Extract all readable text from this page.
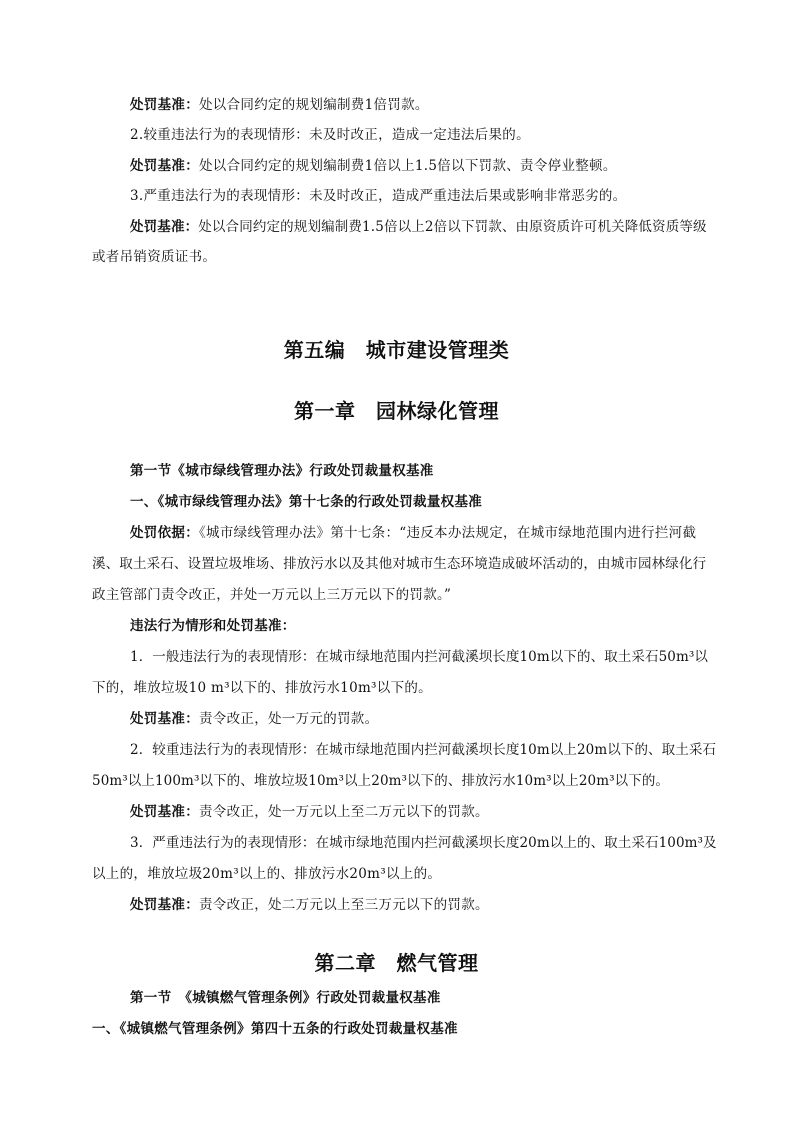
处罚基准：处以合同约定的规划编制费1倍罚款。
2.较重违法行为的表现情形：未及时改正，造成一定违法后果的。
处罚基准：处以合同约定的规划编制费1倍以上1.5倍以下罚款、责令停业整顿。
3.严重违法行为的表现情形：未及时改正，造成严重违法后果或影响非常恶劣的。
处罚基准：处以合同约定的规划编制费1.5倍以上2倍以下罚款、由原资质许可机关降低资质等级
或者吊销资质证书。
第五编　城市建设管理类
第一章　园林绿化管理
第一节《城市绿线管理办法》行政处罚裁量权基准
一、《城市绿线管理办法》第十七条的行政处罚裁量权基准
处罚依据：《城市绿线管理办法》第十七条：“违反本办法规定，在城市绿地范围内进行拦河截
溪、取土采石、设置垃圾堆场、排放污水以及其他对城市生态环境造成破坏活动的，由城市园林绿化行
政主管部门责令改正，并处一万元以上三万元以下的罚款。”
违法行为情形和处罚基准：
1．一般违法行为的表现情形：在城市绿地范围内拦河截溪坝长度10m以下的、取土采石50m³以
下的，堆放垃圾10 m³以下的、排放污水10m³以下的。
处罚基准：责令改正，处一万元的罚款。
2．较重违法行为的表现情形：在城市绿地范围内拦河截溪坝长度10m以上20m以下的、取土采石
50m³以上100m³以下的、堆放垃圾10m³以上20m³以下的、排放污水10m³以上20m³以下的。
处罚基准：责令改正，处一万元以上至二万元以下的罚款。
3．严重违法行为的表现情形：在城市绿地范围内拦河截溪坝长度20m以上的、取土采石100m³及
以上的，堆放垃圾20m³以上的、排放污水20m³以上的。
处罚基准：责令改正，处二万元以上至三万元以下的罚款。
第二章　燃气管理
第一节　《城镇燃气管理条例》行政处罚裁量权基准
一、《城镇燃气管理条例》第四十五条的行政处罚裁量权基准
